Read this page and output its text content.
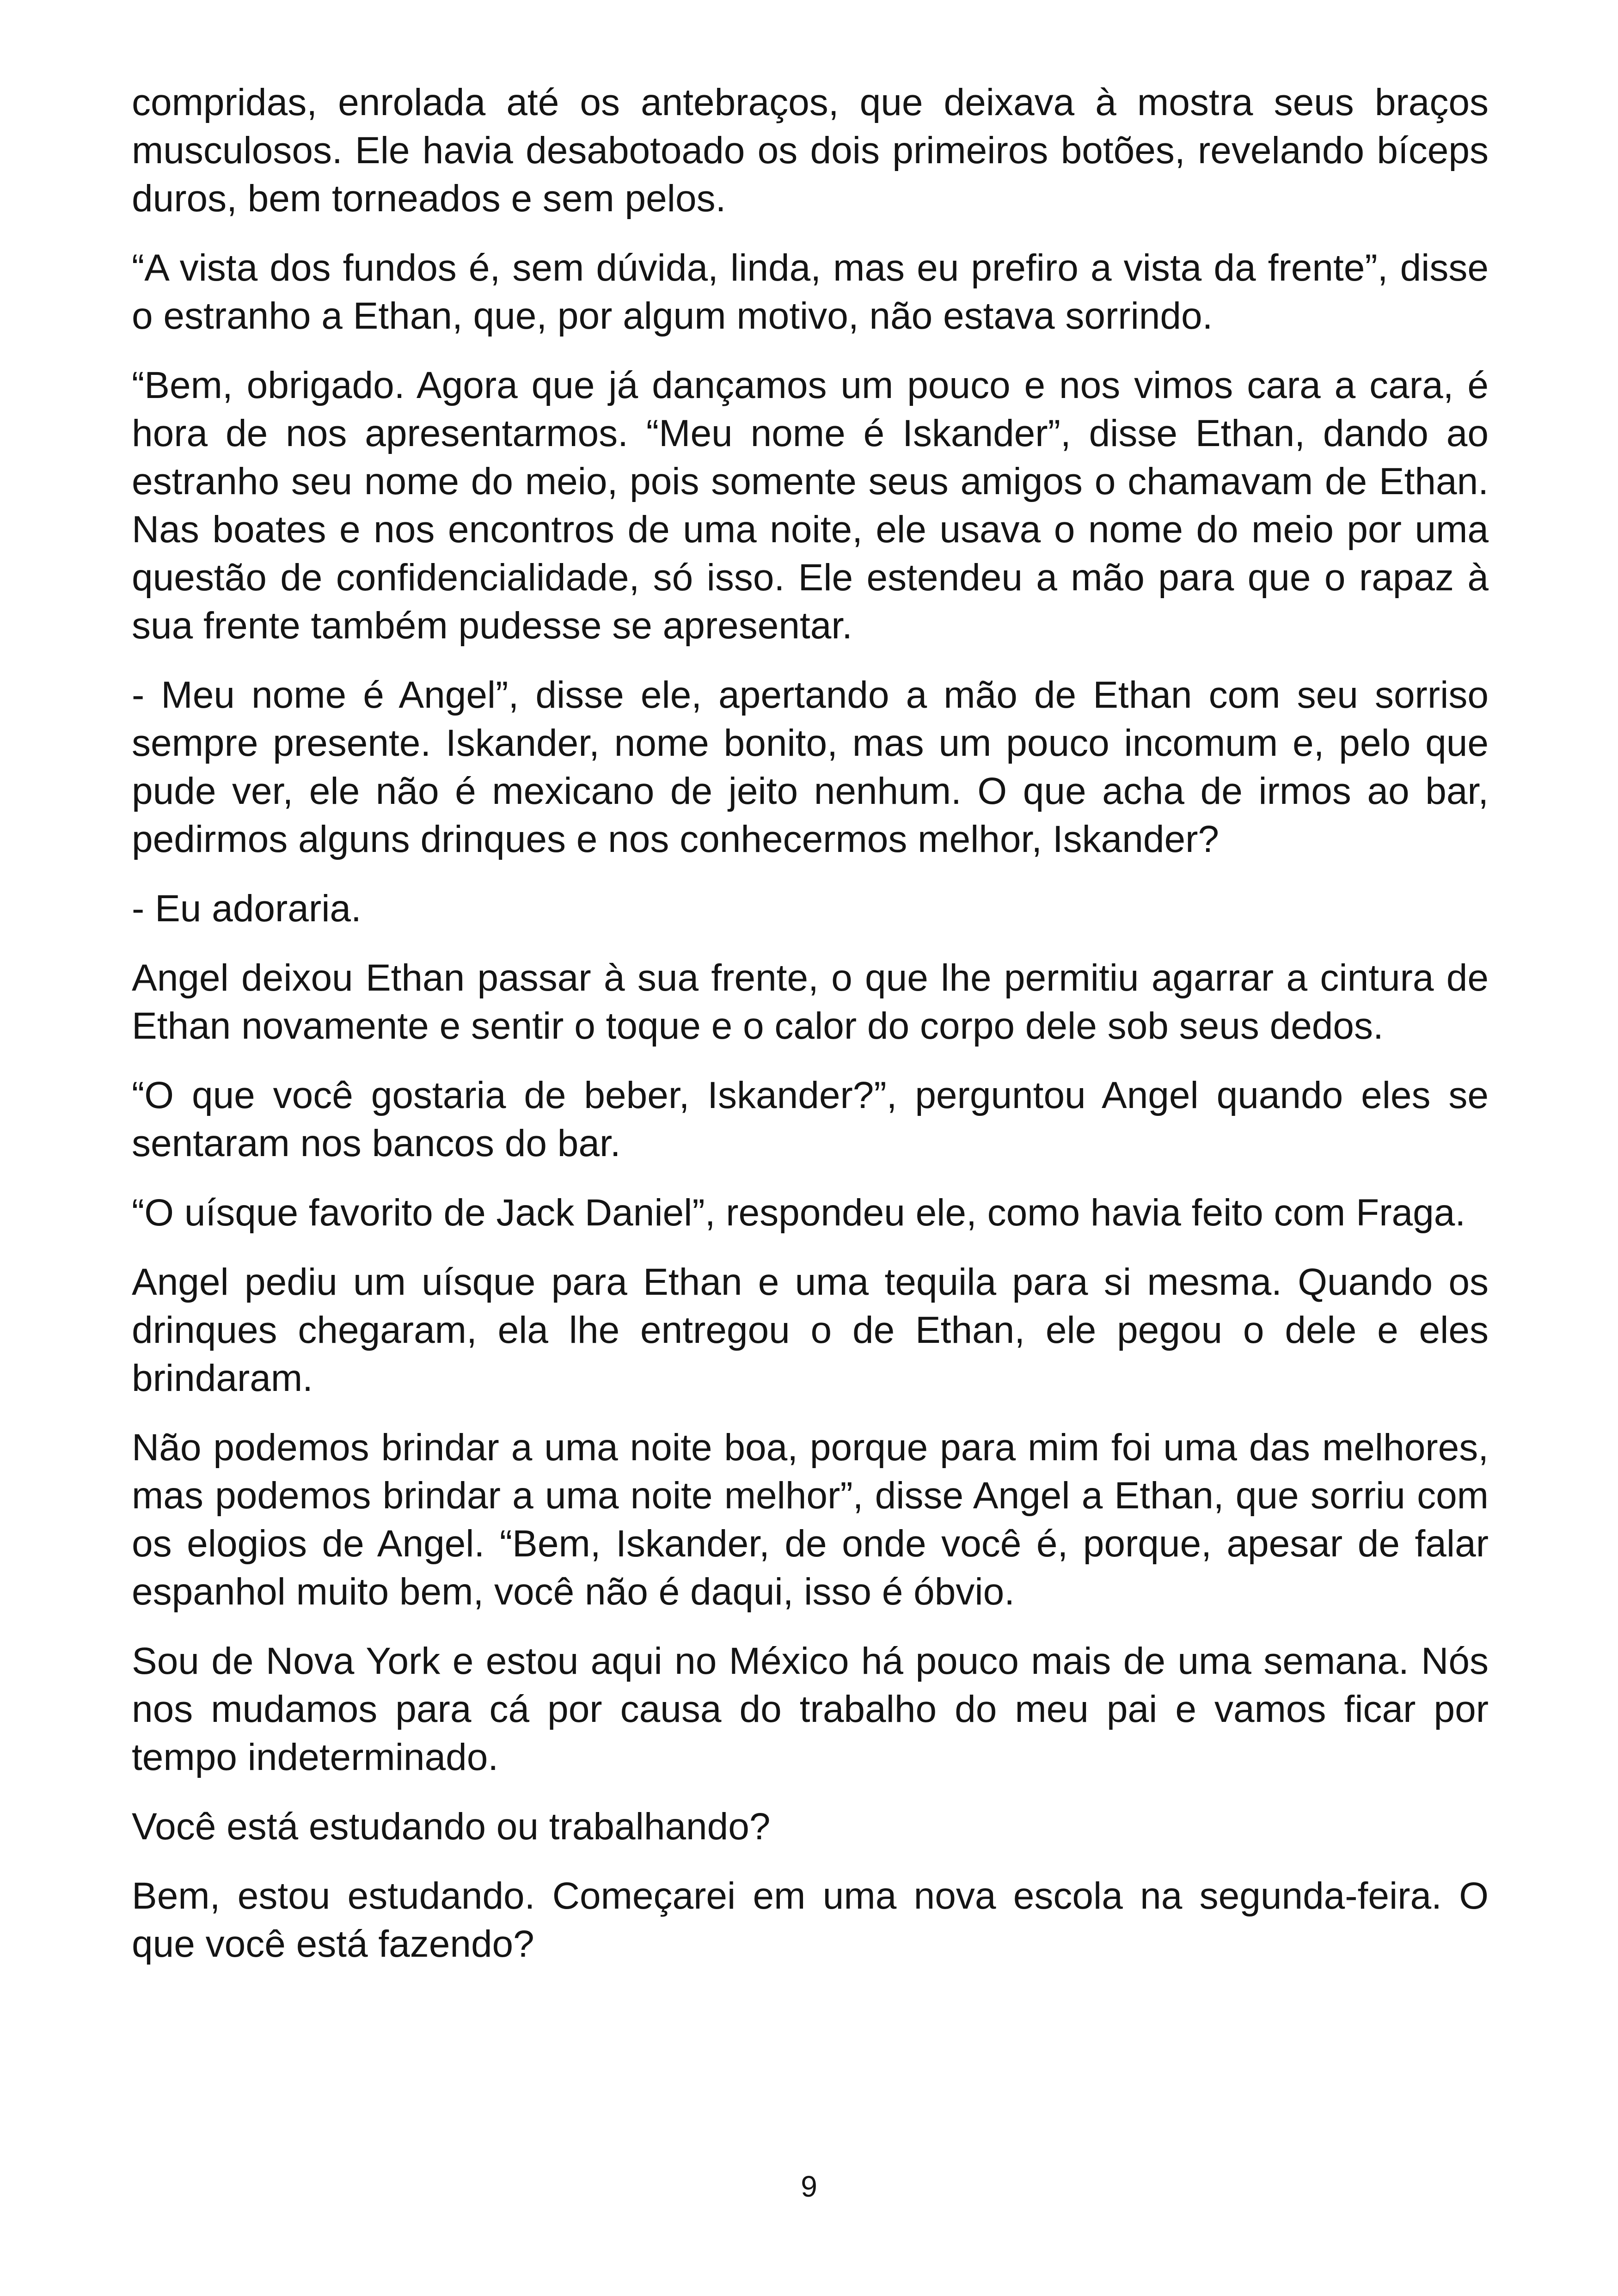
compridas, enrolada até os antebraços, que deixava à mostra seus braços musculosos. Ele havia desabotoado os dois primeiros botões, revelando bíceps duros, bem torneados e sem pelos.

“A vista dos fundos é, sem dúvida, linda, mas eu prefiro a vista da frente”, disse o estranho a Ethan, que, por algum motivo, não estava sorrindo.

“Bem, obrigado. Agora que já dançamos um pouco e nos vimos cara a cara, é hora de nos apresentarmos. “Meu nome é Iskander”, disse Ethan, dando ao estranho seu nome do meio, pois somente seus amigos o chamavam de Ethan. Nas boates e nos encontros de uma noite, ele usava o nome do meio por uma questão de confidencialidade, só isso. Ele estendeu a mão para que o rapaz à sua frente também pudesse se apresentar.

- Meu nome é Angel”, disse ele, apertando a mão de Ethan com seu sorriso sempre presente. Iskander, nome bonito, mas um pouco incomum e, pelo que pude ver, ele não é mexicano de jeito nenhum. O que acha de irmos ao bar, pedirmos alguns drinques e nos conhecermos melhor, Iskander?

- Eu adoraria.

Angel deixou Ethan passar à sua frente, o que lhe permitiu agarrar a cintura de Ethan novamente e sentir o toque e o calor do corpo dele sob seus dedos.

“O que você gostaria de beber, Iskander?”, perguntou Angel quando eles se sentaram nos bancos do bar.

“O uísque favorito de Jack Daniel”, respondeu ele, como havia feito com Fraga.

Angel pediu um uísque para Ethan e uma tequila para si mesma. Quando os drinques chegaram, ela lhe entregou o de Ethan, ele pegou o dele e eles brindaram.

Não podemos brindar a uma noite boa, porque para mim foi uma das melhores, mas podemos brindar a uma noite melhor”, disse Angel a Ethan, que sorriu com os elogios de Angel. “Bem, Iskander, de onde você é, porque, apesar de falar espanhol muito bem, você não é daqui, isso é óbvio.

Sou de Nova York e estou aqui no México há pouco mais de uma semana. Nós nos mudamos para cá por causa do trabalho do meu pai e vamos ficar por tempo indeterminado.

Você está estudando ou trabalhando?

Bem, estou estudando. Começarei em uma nova escola na segunda-feira. O que você está fazendo?

9
